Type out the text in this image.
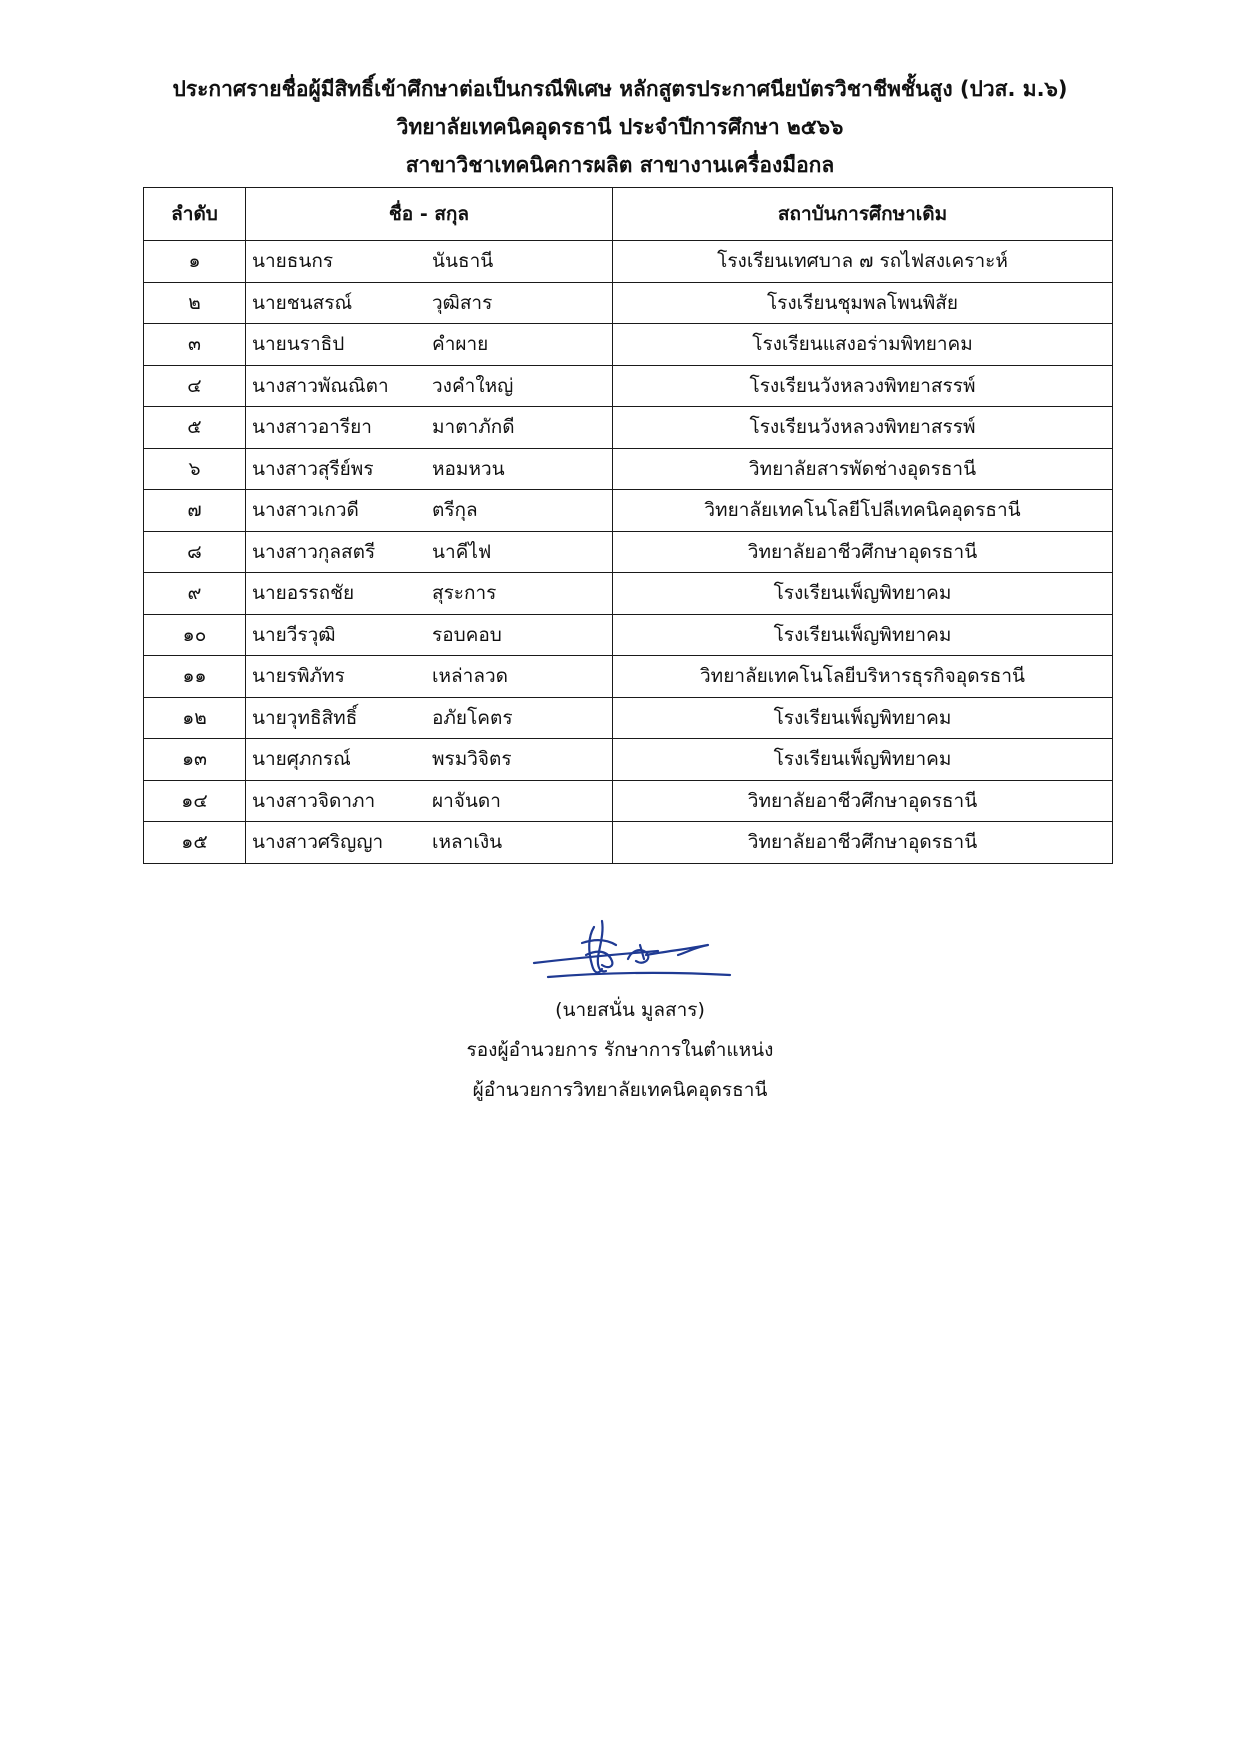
ประกาศรายชื่อผู้มีสิทธิ์เข้าศึกษาต่อเป็นกรณีพิเศษ หลักสูตรประกาศนียบัตรวิชาชีพชั้นสูง (ปวส. ม.๖)
วิทยาลัยเทคนิคอุดรธานี ประจำปีการศึกษา ๒๕๖๖
สาขาวิชาเทคนิคการผลิต สาขางานเครื่องมือกล
ลำดับ	ชื่อ - สกุล	สถาบันการศึกษาเดิม
๑	นายธนกร นันธานี	โรงเรียนเทศบาล ๗ รถไฟสงเคราะห์
๒	นายชนสรณ์ วุฒิสาร	โรงเรียนชุมพลโพนพิสัย
๓	นายนราธิป คำผาย	โรงเรียนแสงอร่ามพิทยาคม
๔	นางสาวพัณณิตา วงคำใหญ่	โรงเรียนวังหลวงพิทยาสรรพ์
๕	นางสาวอารียา มาตาภักดี	โรงเรียนวังหลวงพิทยาสรรพ์
๖	นางสาวสุรีย์พร หอมหวน	วิทยาลัยสารพัดช่างอุดรธานี
๗	นางสาวเกวดี ตรีกุล	วิทยาลัยเทคโนโลยีโปลีเทคนิคอุดรธานี
๘	นางสาวกุลสตรี นาคีไฟ	วิทยาลัยอาชีวศึกษาอุดรธานี
๙	นายอรรถชัย สุระการ	โรงเรียนเพ็ญพิทยาคม
๑๐	นายวีรวุฒิ รอบคอบ	โรงเรียนเพ็ญพิทยาคม
๑๑	นายรพิภัทร เหล่าลวด	วิทยาลัยเทคโนโลยีบริหารธุรกิจอุดรธานี
๑๒	นายวุทธิสิทธิ์ อภัยโคตร	โรงเรียนเพ็ญพิทยาคม
๑๓	นายศุภกรณ์ พรมวิจิตร	โรงเรียนเพ็ญพิทยาคม
๑๔	นางสาวจิดาภา ผาจันดา	วิทยาลัยอาชีวศึกษาอุดรธานี
๑๕	นางสาวศริญญา เหลาเงิน	วิทยาลัยอาชีวศึกษาอุดรธานี
(นายสนั่น มูลสาร)
รองผู้อำนวยการ รักษาการในตำแหน่ง
ผู้อำนวยการวิทยาลัยเทคนิคอุดรธานี
